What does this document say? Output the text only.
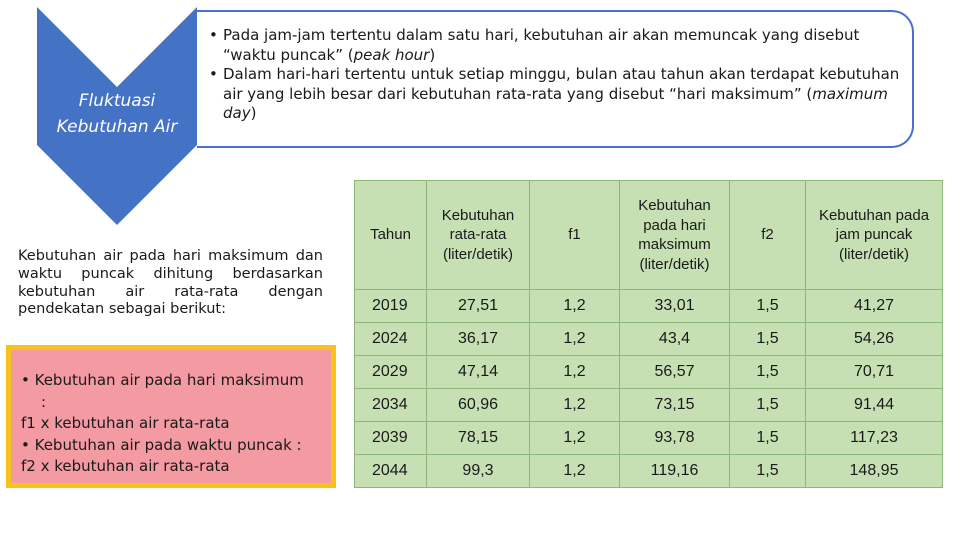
Fluktuasi
Kebutuhan Air
• Pada jam-jam tertentu dalam satu hari, kebutuhan air akan memuncak yang disebut “waktu puncak” (peak hour)
• Dalam hari-hari tertentu untuk setiap minggu, bulan atau tahun akan terdapat kebutuhan air yang lebih besar dari kebutuhan rata-rata yang disebut “hari maksimum” (maximum day)
Kebutuhan air pada hari maksimum dan waktu puncak dihitung berdasarkan kebutuhan air rata-rata dengan pendekatan sebagai berikut:
• Kebutuhan air pada hari maksimum
:
f1 x kebutuhan air rata-rata
• Kebutuhan air pada waktu puncak :
f2 x kebutuhan air rata-rata
Tahun	Kebutuhan rata-rata (liter/detik)	f1	Kebutuhan pada hari maksimum (liter/detik)	f2	Kebutuhan pada jam puncak (liter/detik)
2019	27,51	1,2	33,01	1,5	41,27
2024	36,17	1,2	43,4	1,5	54,26
2029	47,14	1,2	56,57	1,5	70,71
2034	60,96	1,2	73,15	1,5	91,44
2039	78,15	1,2	93,78	1,5	117,23
2044	99,3	1,2	119,16	1,5	148,95
